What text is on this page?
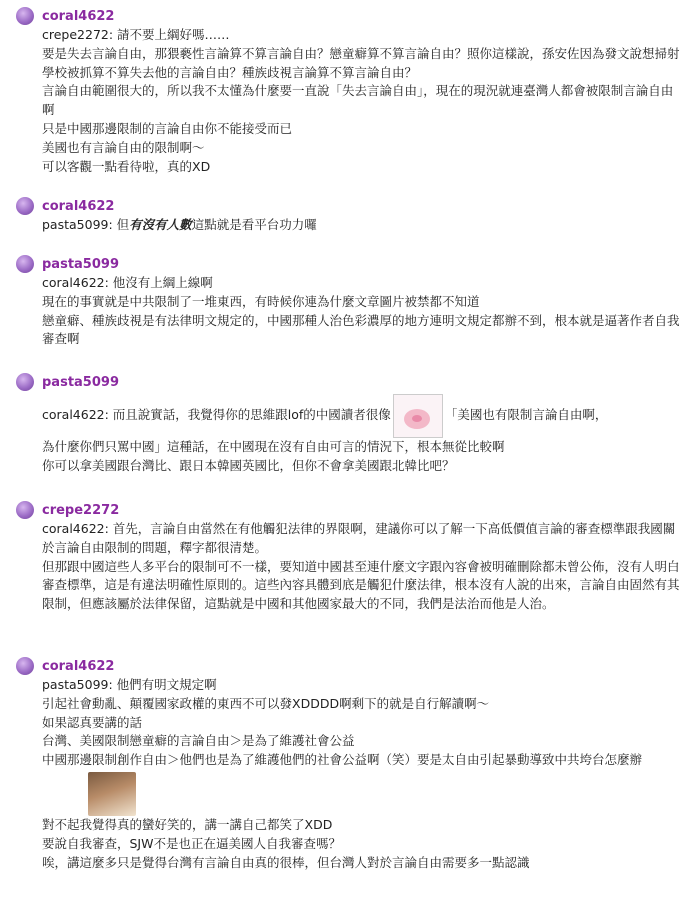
coral4622
crepe2272: 請不要上綱好嗎……
要是失去言論自由，那猥褻性言論算不算言論自由？戀童癖算不算言論自由？照你這樣說，孫安佐因為發文說想掃射學校被抓算不算失去他的言論自由？種族歧視言論算不算言論自由？
言論自由範圍很大的，所以我不太懂為什麼要一直說「失去言論自由」，現在的現況就連臺灣人都會被限制言論自由啊
只是中國那邊限制的言論自由你不能接受而已
美國也有言論自由的限制啊～
可以客觀一點看待啦，真的XD
coral4622
pasta5099: 但有沒有人數這點就是看平台功力囉
pasta5099
coral4622: 他沒有上綱上線啊
現在的事實就是中共限制了一堆東西，有時候你連為什麼文章圖片被禁都不知道
戀童癖、種族歧視是有法律明文規定的，中國那種人治色彩濃厚的地方連明文規定都辦不到，根本就是逼著作者自我審查啊
pasta5099
coral4622: 而且說實話，我覺得你的思維跟lof的中國讀者很像	「美國也有限制言論自由啊，
為什麼你們只罵中國」這種話，在中國現在沒有自由可言的情況下，根本無從比較啊
你可以拿美國跟台灣比、跟日本韓國英國比，但你不會拿美國跟北韓比吧？
crepe2272
coral4622: 首先，言論自由當然在有他觸犯法律的界限啊，建議你可以了解一下高低價值言論的審查標準跟我國關於言論自由限制的問題，釋字都很清楚。
但那跟中國這些人多平台的限制可不一樣，要知道中國甚至連什麼文字跟內容會被明確刪除都未曾公佈，沒有人明白審查標準，這是有違法明確性原則的。這些內容具體到底是觸犯什麼法律，根本沒有人說的出來，言論自由固然有其限制，但應該屬於法律保留，這點就是中國和其他國家最大的不同，我們是法治而他是人治。
coral4622
pasta5099: 他們有明文規定啊
引起社會動亂、顛覆國家政權的東西不可以發XDDDD啊剩下的就是自行解讀啊～
如果認真要講的話
台灣、美國限制戀童癖的言論自由＞是為了維護社會公益
中國那邊限制創作自由＞他們也是為了維護他們的社會公益啊（笑）要是太自由引起暴動導致中共垮台怎麼辦
對不起我覺得真的蠻好笑的，講一講自己都笑了XDD
要說自我審查，SJW不是也正在逼美國人自我審查嗎？
唉，講這麼多只是覺得台灣有言論自由真的很棒，但台灣人對於言論自由需要多一點認識
